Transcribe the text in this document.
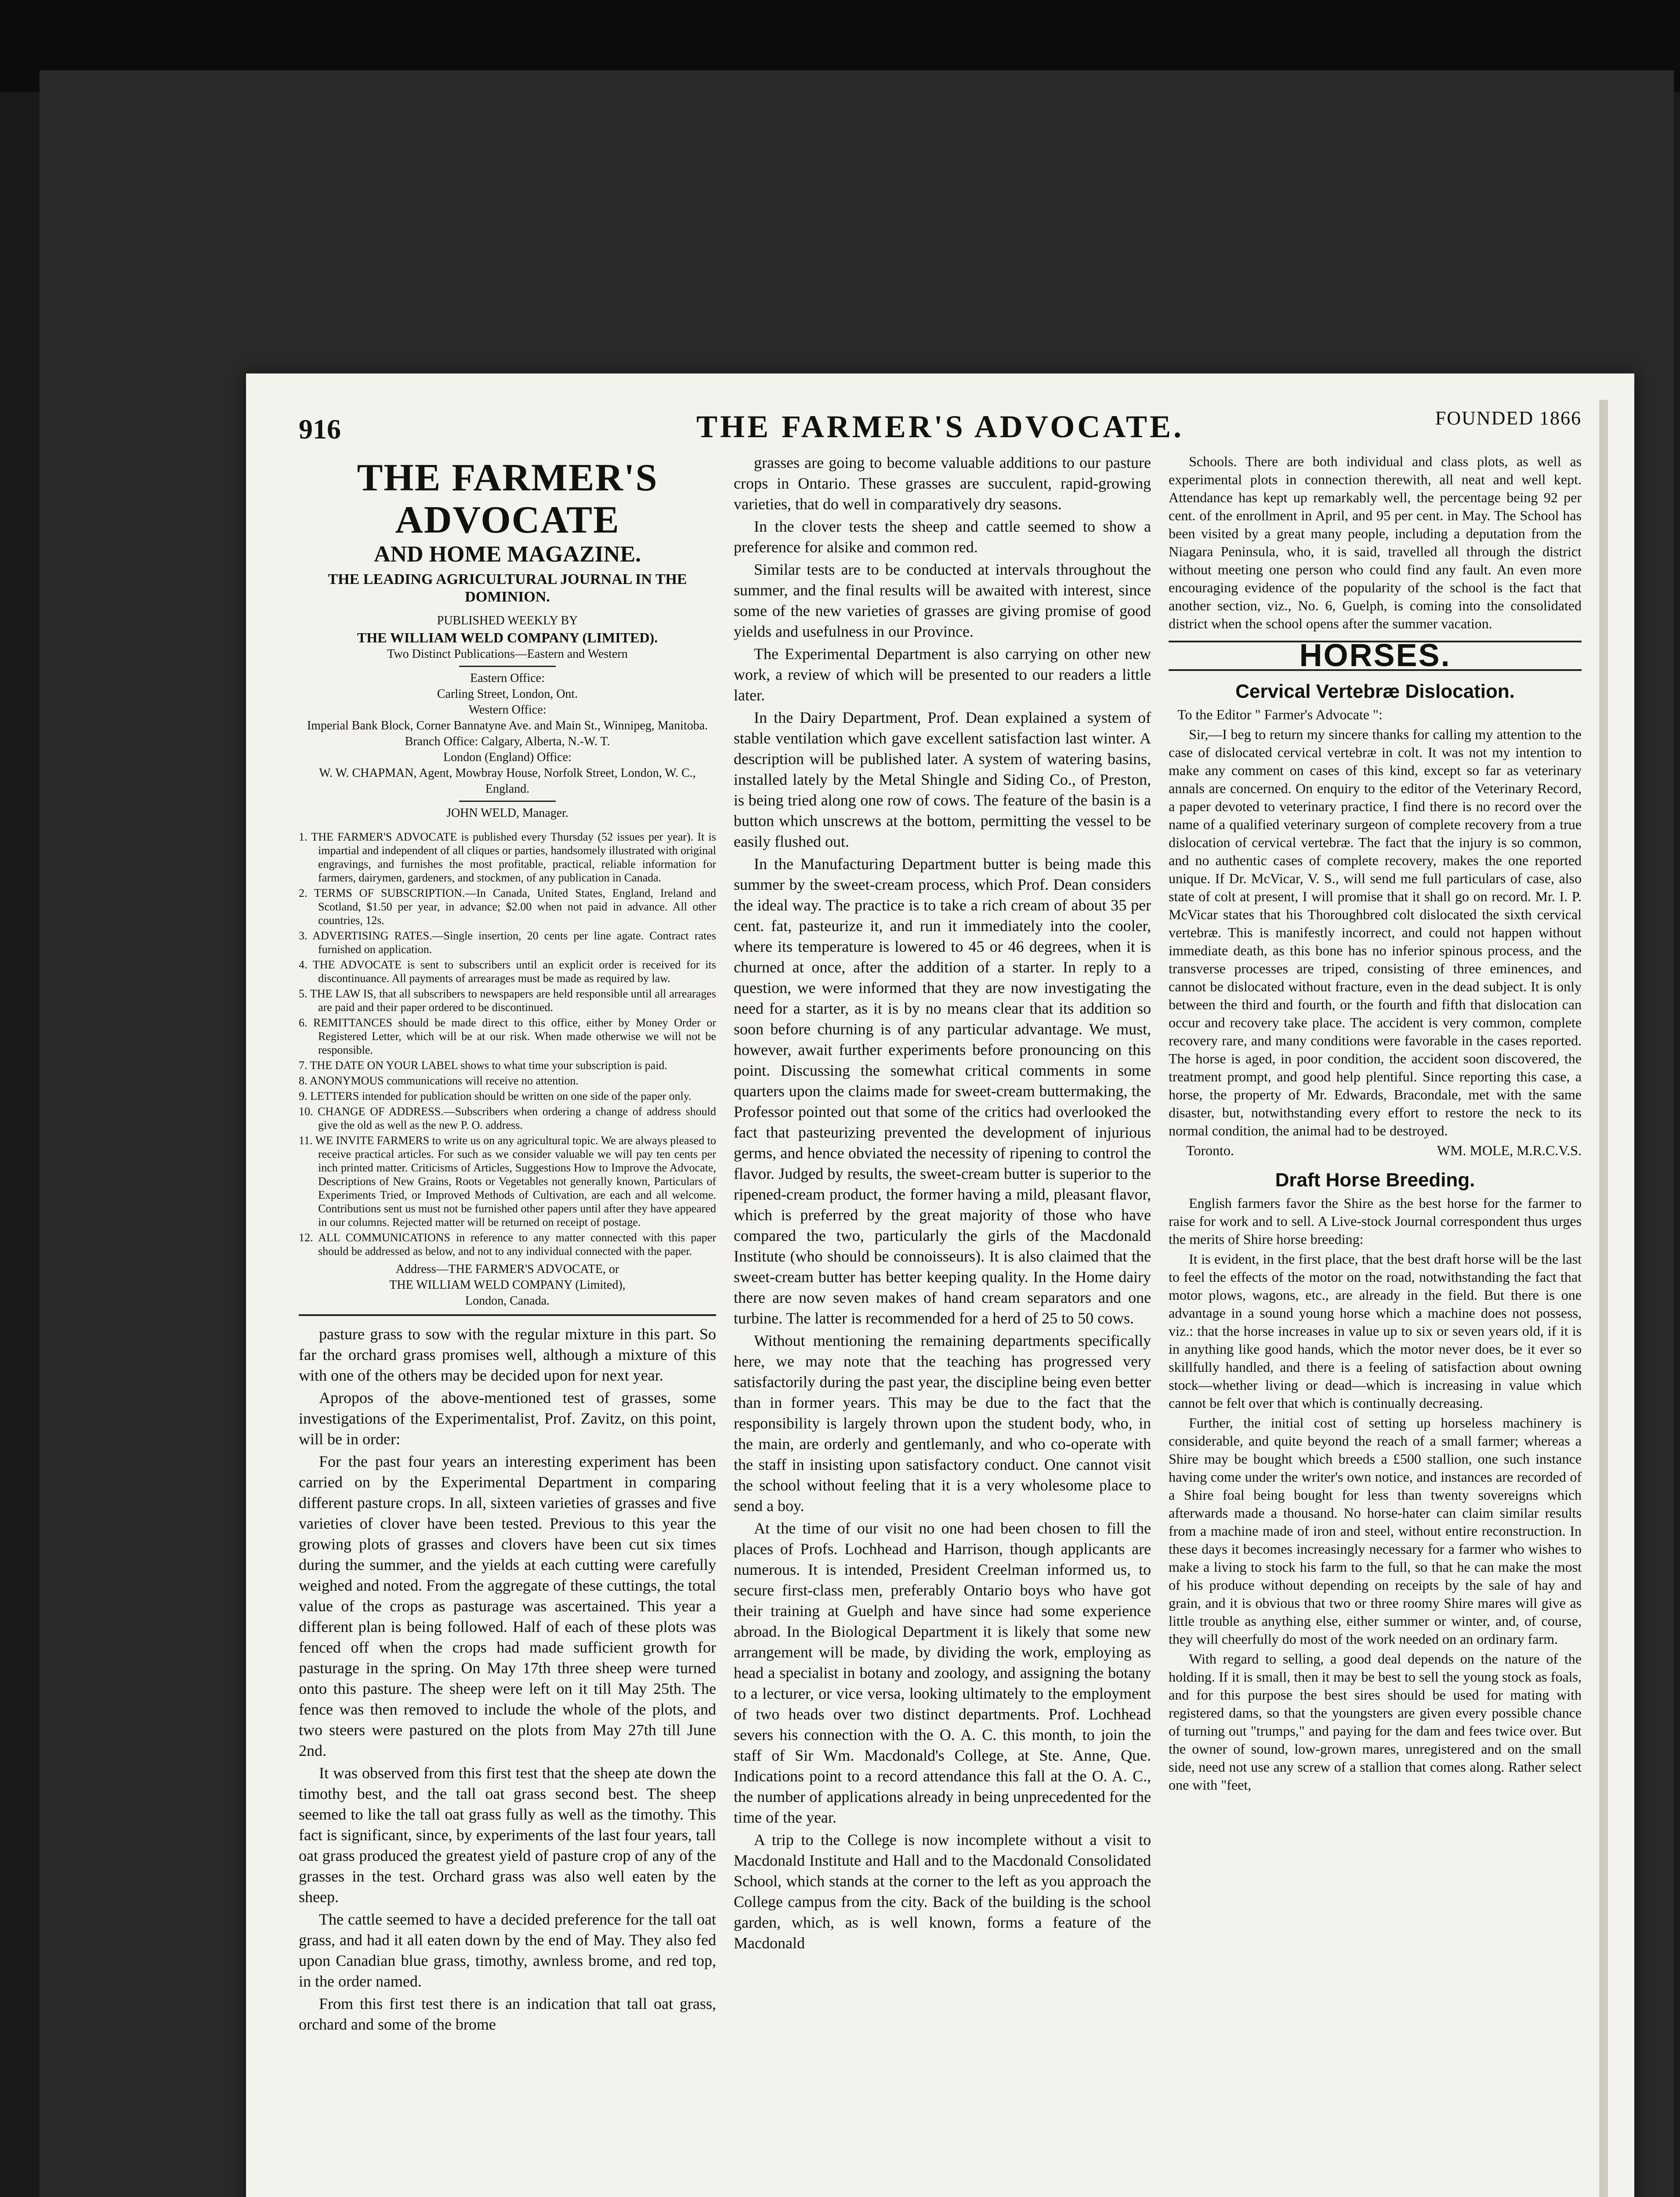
916	THE FARMER'S ADVOCATE.	FOUNDED 1866
THE FARMER'S ADVOCATE
AND HOME MAGAZINE.
THE LEADING AGRICULTURAL JOURNAL IN THE DOMINION.
PUBLISHED WEEKLY BY
THE WILLIAM WELD COMPANY (LIMITED).
Two Distinct Publications—Eastern and Western
Eastern Office:
Carling Street, London, Ont.
Western Office:
Imperial Bank Block, Corner Bannatyne Ave. and Main St., Winnipeg, Manitoba.
Branch Office: Calgary, Alberta, N.-W. T.
London (England) Office:
W. W. CHAPMAN, Agent, Mowbray House, Norfolk Street, London, W. C., England.
JOHN WELD, Manager.
1. THE FARMER'S ADVOCATE is published every Thursday (52 issues per year). It is impartial and independent of all cliques or parties, handsomely illustrated with original engravings, and furnishes the most profitable, practical, reliable information for farmers, dairymen, gardeners, and stockmen, of any publication in Canada.
2. TERMS OF SUBSCRIPTION.—In Canada, United States, England, Ireland and Scotland, $1.50 per year, in advance; $2.00 when not paid in advance. All other countries, 12s.
3. ADVERTISING RATES.—Single insertion, 20 cents per line agate. Contract rates furnished on application.
4. THE ADVOCATE is sent to subscribers until an explicit order is received for its discontinuance. All payments of arrearages must be made as required by law.
5. THE LAW IS, that all subscribers to newspapers are held responsible until all arrearages are paid and their paper ordered to be discontinued.
6. REMITTANCES should be made direct to this office, either by Money Order or Registered Letter, which will be at our risk. When made otherwise we will not be responsible.
7. THE DATE ON YOUR LABEL shows to what time your subscription is paid.
8. ANONYMOUS communications will receive no attention.
9. LETTERS intended for publication should be written on one side of the paper only.
10. CHANGE OF ADDRESS.—Subscribers when ordering a change of address should give the old as well as the new P. O. address.
11. WE INVITE FARMERS to write us on any agricultural topic. We are always pleased to receive practical articles. For such as we consider valuable we will pay ten cents per inch printed matter. Criticisms of Articles, Suggestions How to Improve the Advocate, Descriptions of New Grains, Roots or Vegetables not generally known, Particulars of Experiments Tried, or Improved Methods of Cultivation, are each and all welcome. Contributions sent us must not be furnished other papers until after they have appeared in our columns. Rejected matter will be returned on receipt of postage.
12. ALL COMMUNICATIONS in reference to any matter connected with this paper should be addressed as below, and not to any individual connected with the paper.
Address—THE FARMER'S ADVOCATE, or
THE WILLIAM WELD COMPANY (Limited),
London, Canada.

pasture grass to sow with the regular mixture in this part. So far the orchard grass promises well, although a mixture of this with one of the others may be decided upon for next year.

Apropos of the above-mentioned test of grasses, some investigations of the Experimentalist, Prof. Zavitz, on this point, will be in order:

For the past four years an interesting experiment has been carried on by the Experimental Department in comparing different pasture crops. In all, sixteen varieties of grasses and five varieties of clover have been tested. Previous to this year the growing plots of grasses and clovers have been cut six times during the summer, and the yields at each cutting were carefully weighed and noted. From the aggregate of these cuttings, the total value of the crops as pasturage was ascertained. This year a different plan is being followed. Half of each of these plots was fenced off when the crops had made sufficient growth for pasturage in the spring. On May 17th three sheep were turned onto this pasture. The sheep were left on it till May 25th. The fence was then removed to include the whole of the plots, and two steers were pastured on the plots from May 27th till June 2nd.

It was observed from this first test that the sheep ate down the timothy best, and the tall oat grass second best. The sheep seemed to like the tall oat grass fully as well as the timothy. This fact is significant, since, by experiments of the last four years, tall oat grass produced the greatest yield of pasture crop of any of the grasses in the test. Orchard grass was also well eaten by the sheep.

The cattle seemed to have a decided preference for the tall oat grass, and had it all eaten down by the end of May. They also fed upon Canadian blue grass, timothy, awnless brome, and red top, in the order named.

From this first test there is an indication that tall oat grass, orchard and some of the brome

grasses are going to become valuable additions to our pasture crops in Ontario. These grasses are succulent, rapid-growing varieties, that do well in comparatively dry seasons.

In the clover tests the sheep and cattle seemed to show a preference for alsike and common red.

Similar tests are to be conducted at intervals throughout the summer, and the final results will be awaited with interest, since some of the new varieties of grasses are giving promise of good yields and usefulness in our Province.

The Experimental Department is also carrying on other new work, a review of which will be presented to our readers a little later.

In the Dairy Department, Prof. Dean explained a system of stable ventilation which gave excellent satisfaction last winter. A description will be published later. A system of watering basins, installed lately by the Metal Shingle and Siding Co., of Preston, is being tried along one row of cows. The feature of the basin is a button which unscrews at the bottom, permitting the vessel to be easily flushed out.

In the Manufacturing Department butter is being made this summer by the sweet-cream process, which Prof. Dean considers the ideal way. The practice is to take a rich cream of about 35 per cent. fat, pasteurize it, and run it immediately into the cooler, where its temperature is lowered to 45 or 46 degrees, when it is churned at once, after the addition of a starter. In reply to a question, we were informed that they are now investigating the need for a starter, as it is by no means clear that its addition so soon before churning is of any particular advantage. We must, however, await further experiments before pronouncing on this point. Discussing the somewhat critical comments in some quarters upon the claims made for sweet-cream buttermaking, the Professor pointed out that some of the critics had overlooked the fact that pasteurizing prevented the development of injurious germs, and hence obviated the necessity of ripening to control the flavor. Judged by results, the sweet-cream butter is superior to the ripened-cream product, the former having a mild, pleasant flavor, which is preferred by the great majority of those who have compared the two, particularly the girls of the Macdonald Institute (who should be connoisseurs). It is also claimed that the sweet-cream butter has better keeping quality. In the Home dairy there are now seven makes of hand cream separators and one turbine. The latter is recommended for a herd of 25 to 50 cows.

Without mentioning the remaining departments specifically here, we may note that the teaching has progressed very satisfactorily during the past year, the discipline being even better than in former years. This may be due to the fact that the responsibility is largely thrown upon the student body, who, in the main, are orderly and gentlemanly, and who co-operate with the staff in insisting upon satisfactory conduct. One cannot visit the school without feeling that it is a very wholesome place to send a boy.

At the time of our visit no one had been chosen to fill the places of Profs. Lochhead and Harrison, though applicants are numerous. It is intended, President Creelman informed us, to secure first-class men, preferably Ontario boys who have got their training at Guelph and have since had some experience abroad. In the Biological Department it is likely that some new arrangement will be made, by dividing the work, employing as head a specialist in botany and zoology, and assigning the botany to a lecturer, or vice versa, looking ultimately to the employment of two heads over two distinct departments. Prof. Lochhead severs his connection with the O. A. C. this month, to join the staff of Sir Wm. Macdonald's College, at Ste. Anne, Que. Indications point to a record attendance this fall at the O. A. C., the number of applications already in being unprecedented for the time of the year.

A trip to the College is now incomplete without a visit to Macdonald Institute and Hall and to the Macdonald Consolidated School, which stands at the corner to the left as you approach the College campus from the city. Back of the building is the school garden, which, as is well known, forms a feature of the Macdonald

Schools. There are both individual and class plots, as well as experimental plots in connection therewith, all neat and well kept. Attendance has kept up remarkably well, the percentage being 92 per cent. of the enrollment in April, and 95 per cent. in May. The School has been visited by a great many people, including a deputation from the Niagara Peninsula, who, it is said, travelled all through the district without meeting one person who could find any fault. An even more encouraging evidence of the popularity of the school is the fact that another section, viz., No. 6, Guelph, is coming into the consolidated district when the school opens after the summer vacation.

HORSES.
Cervical Vertebræ Dislocation.
To the Editor " Farmer's Advocate ":

Sir,—I beg to return my sincere thanks for calling my attention to the case of dislocated cervical vertebræ in colt. It was not my intention to make any comment on cases of this kind, except so far as veterinary annals are concerned. On enquiry to the editor of the Veterinary Record, a paper devoted to veterinary practice, I find there is no record over the name of a qualified veterinary surgeon of complete recovery from a true dislocation of cervical vertebræ. The fact that the injury is so common, and no authentic cases of complete recovery, makes the one reported unique. If Dr. McVicar, V. S., will send me full particulars of case, also state of colt at present, I will promise that it shall go on record. Mr. I. P. McVicar states that his Thoroughbred colt dislocated the sixth cervical vertebræ. This is manifestly incorrect, and could not happen without immediate death, as this bone has no inferior spinous process, and the transverse processes are triped, consisting of three eminences, and cannot be dislocated without fracture, even in the dead subject. It is only between the third and fourth, or the fourth and fifth that dislocation can occur and recovery take place. The accident is very common, complete recovery rare, and many conditions were favorable in the cases reported. The horse is aged, in poor condition, the accident soon discovered, the treatment prompt, and good help plentiful. Since reporting this case, a horse, the property of Mr. Edwards, Bracondale, met with the same disaster, but, notwithstanding every effort to restore the neck to its normal condition, the animal had to be destroyed.

Toronto.	WM. MOLE, M.R.C.V.S.
Draft Horse Breeding.

English farmers favor the Shire as the best horse for the farmer to raise for work and to sell. A Live-stock Journal correspondent thus urges the merits of Shire horse breeding:

It is evident, in the first place, that the best draft horse will be the last to feel the effects of the motor on the road, notwithstanding the fact that motor plows, wagons, etc., are already in the field. But there is one advantage in a sound young horse which a machine does not possess, viz.: that the horse increases in value up to six or seven years old, if it is in anything like good hands, which the motor never does, be it ever so skillfully handled, and there is a feeling of satisfaction about owning stock—whether living or dead—which is increasing in value which cannot be felt over that which is continually decreasing.

Further, the initial cost of setting up horseless machinery is considerable, and quite beyond the reach of a small farmer; whereas a Shire may be bought which breeds a £500 stallion, one such instance having come under the writer's own notice, and instances are recorded of a Shire foal being bought for less than twenty sovereigns which afterwards made a thousand. No horse-hater can claim similar results from a machine made of iron and steel, without entire reconstruction. In these days it becomes increasingly necessary for a farmer who wishes to make a living to stock his farm to the full, so that he can make the most of his produce without depending on receipts by the sale of hay and grain, and it is obvious that two or three roomy Shire mares will give as little trouble as anything else, either summer or winter, and, of course, they will cheerfully do most of the work needed on an ordinary farm.

With regard to selling, a good deal depends on the nature of the holding. If it is small, then it may be best to sell the young stock as foals, and for this purpose the best sires should be used for mating with registered dams, so that the youngsters are given every possible chance of turning out "trumps," and paying for the dam and fees twice over. But the owner of sound, low-grown mares, unregistered and on the small side, need not use any screw of a stallion that comes along. Rather select one with "feet,
